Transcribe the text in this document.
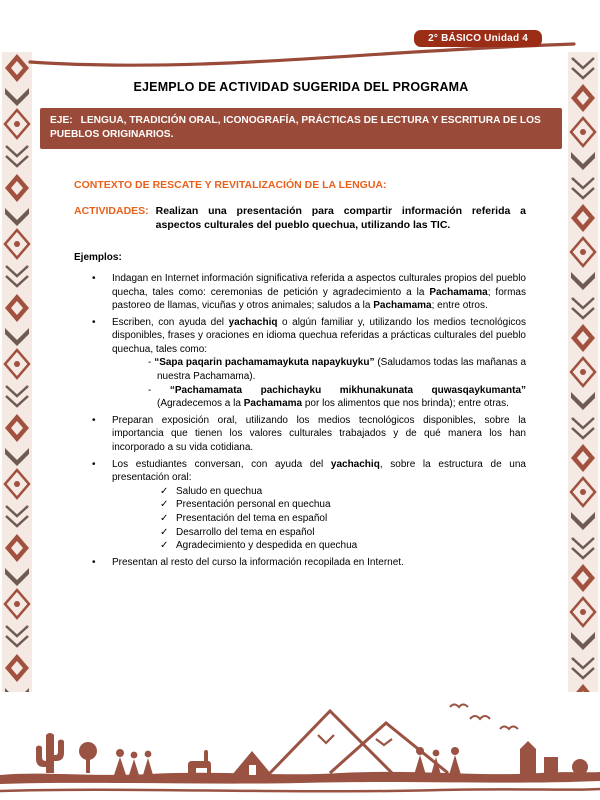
2° BÁSICO Unidad 4
EJEMPLO DE ACTIVIDAD SUGERIDA DEL PROGRAMA
EJE: LENGUA, TRADICIÓN ORAL, ICONOGRAFÍA, PRÁCTICAS DE LECTURA Y ESCRITURA DE LOS PUEBLOS ORIGINARIOS.
CONTEXTO DE RESCATE Y REVITALIZACIÓN DE LA LENGUA:
ACTIVIDADES: Realizan una presentación para compartir información referida a aspectos culturales del pueblo quechua, utilizando las TIC.
Ejemplos:
•	Indagan en Internet información significativa referida a aspectos culturales propios del pueblo quecha, tales como: ceremonias de petición y agradecimiento a la Pachamama; formas pastoreo de llamas, vicuñas y otros animales; saludos a la Pachamama; entre otros.
•	Escriben, con ayuda del yachachiq o algún familiar y, utilizando los medios tecnológicos disponibles, frases y oraciones en idioma quechua referidas a prácticas culturales del pueblo quechua, tales como:
- “Sapa paqarin pachamamaykuta napaykuyku” (Saludamos todas las mañanas a nuestra Pachamama).
- “Pachamamata pachichayku mikhunakunata quwasqaykumanta” (Agradecemos a la Pachamama por los alimentos que nos brinda); entre otras.
•	Preparan exposición oral, utilizando los medios tecnológicos disponibles, sobre la importancia que tienen los valores culturales trabajados y de qué manera los han incorporado a su vida cotidiana.
•	Los estudiantes conversan, con ayuda del yachachiq, sobre la estructura de una presentación oral:
✓ Saludo en quechua
✓ Presentación personal en quechua
✓ Presentación del tema en español
✓ Desarrollo del tema en español
✓ Agradecimiento y despedida en quechua
•	Presentan al resto del curso la información recopilada en Internet.
